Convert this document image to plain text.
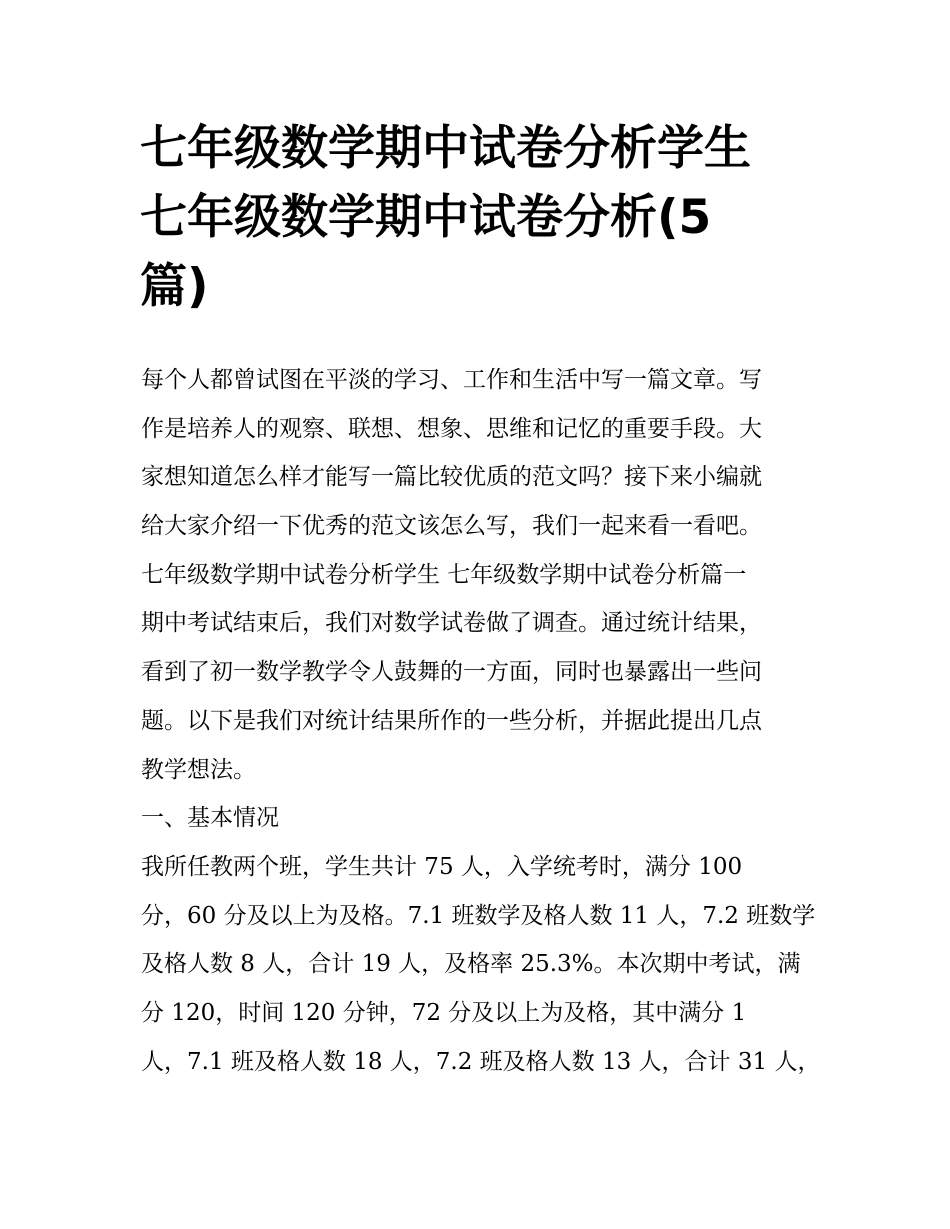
七年级数学期中试卷分析学生
七年级数学期中试卷分析(5
篇)
每个人都曾试图在平淡的学习、工作和生活中写一篇文章。写
作是培养人的观察、联想、想象、思维和记忆的重要手段。大
家想知道怎么样才能写一篇比较优质的范文吗？接下来小编就
给大家介绍一下优秀的范文该怎么写，我们一起来看一看吧。
七年级数学期中试卷分析学生 七年级数学期中试卷分析篇一
期中考试结束后，我们对数学试卷做了调查。通过统计结果，
看到了初一数学教学令人鼓舞的一方面，同时也暴露出一些问
题。以下是我们对统计结果所作的一些分析，并据此提出几点
教学想法。
一、基本情况
我所任教两个班，学生共计 75 人，入学统考时，满分 100
分，60 分及以上为及格。7.1 班数学及格人数 11 人，7.2 班数学
及格人数 8 人，合计 19 人，及格率 25.3%。本次期中考试，满
分 120，时间 120 分钟，72 分及以上为及格，其中满分 1
人，7.1 班及格人数 18 人，7.2 班及格人数 13 人，合计 31 人，
